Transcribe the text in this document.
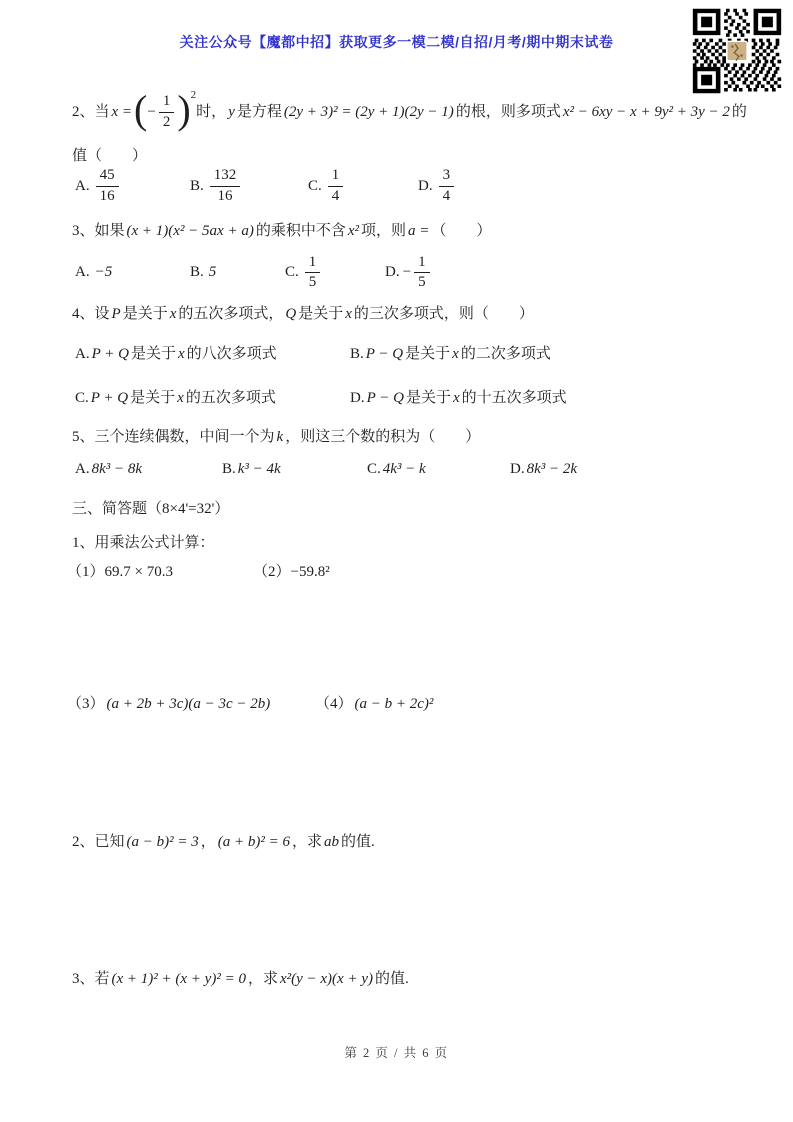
关注公众号【魔都中招】获取更多一模二模/自招/月考/期中期末试卷
2、当 x = ( − $\frac{1}{2}$ ) 2
时， y 是方程 (2y + 3)² = (2y + 1)(2y − 1) 的根，则多项式 x² − 6xy − x + 9y² + 3y − 2 的
值（　　）
A. $\frac{45}{16}$	B. $\frac{132}{16}$	C. $\frac{1}{4}$	D. $\frac{3}{4}$
3、如果 (x + 1)(x² − 5ax + a) 的乘积中不含 x² 项，则 a = （　　）
A. −5	B. 5	C. $\frac{1}{5}$	D. − $\frac{1}{5}$
4、设 P 是关于 x 的五次多项式， Q 是关于 x 的三次多项式，则（　　）
A. P + Q 是关于 x 的八次多项式	B. P − Q 是关于 x 的二次多项式
C. P + Q 是关于 x 的五次多项式	D. P − Q 是关于 x 的十五次多项式
5、三个连续偶数，中间一个为 k ，则这三个数的积为（　　）
A. 8k³ − 8k	B. k³ − 4k	C. 4k³ − k	D. 8k³ − 2k
三、简答题（8×4'=32'）
1、用乘法公式计算：
（1）69.7 × 70.3	（2）−59.8²
（3） (a + 2b + 3c)(a − 3c − 2b)	（4） (a − b + 2c)²
2、已知 (a − b)² = 3 ， (a + b)² = 6 ，求 ab 的值.
3、若 (x + 1)² + (x + y)² = 0 ，求 x²(y − x)(x + y) 的值.
第 2 页 / 共 6 页
